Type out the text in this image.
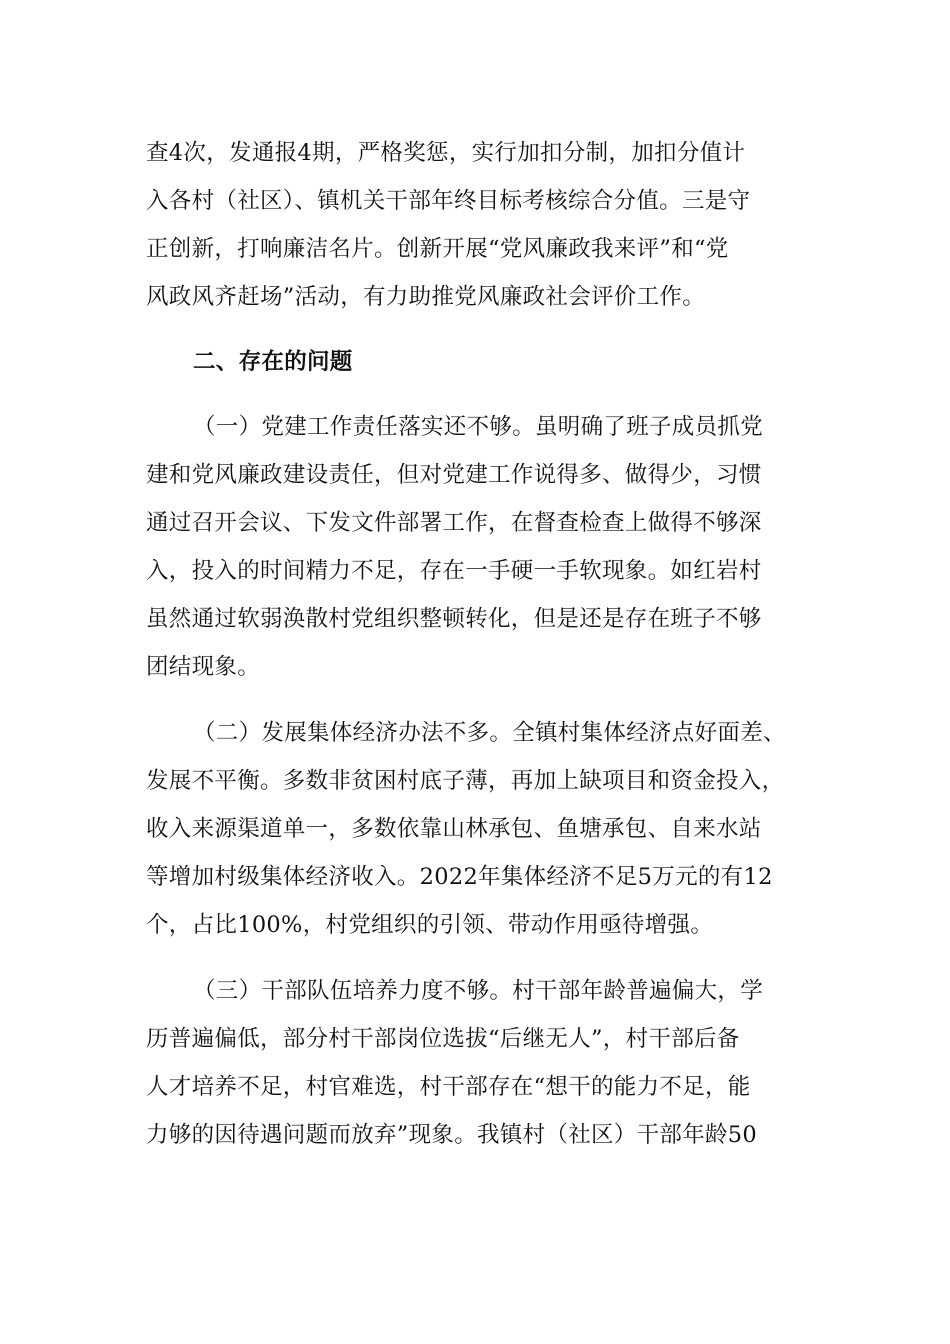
查4次，发通报4期，严格奖惩，实行加扣分制，加扣分值计
入各村（社区）、镇机关干部年终目标考核综合分值。三是守
正创新，打响廉洁名片。创新开展“党风廉政我来评”和“党
风政风齐赶场”活动，有力助推党风廉政社会评价工作。
二、存在的问题
（一）党建工作责任落实还不够。虽明确了班子成员抓党
建和党风廉政建设责任，但对党建工作说得多、做得少，习惯
通过召开会议、下发文件部署工作，在督查检查上做得不够深
入，投入的时间精力不足，存在一手硬一手软现象。如红岩村
虽然通过软弱涣散村党组织整顿转化，但是还是存在班子不够
团结现象。
（二）发展集体经济办法不多。全镇村集体经济点好面差、
发展不平衡。多数非贫困村底子薄，再加上缺项目和资金投入，
收入来源渠道单一，多数依靠山林承包、鱼塘承包、自来水站
等增加村级集体经济收入。2022年集体经济不足5万元的有12
个，占比100%，村党组织的引领、带动作用亟待增强。
（三）干部队伍培养力度不够。村干部年龄普遍偏大，学
历普遍偏低，部分村干部岗位选拔“后继无人”，村干部后备
人才培养不足，村官难选，村干部存在“想干的能力不足，能
力够的因待遇问题而放弃”现象。我镇村（社区）干部年龄50
